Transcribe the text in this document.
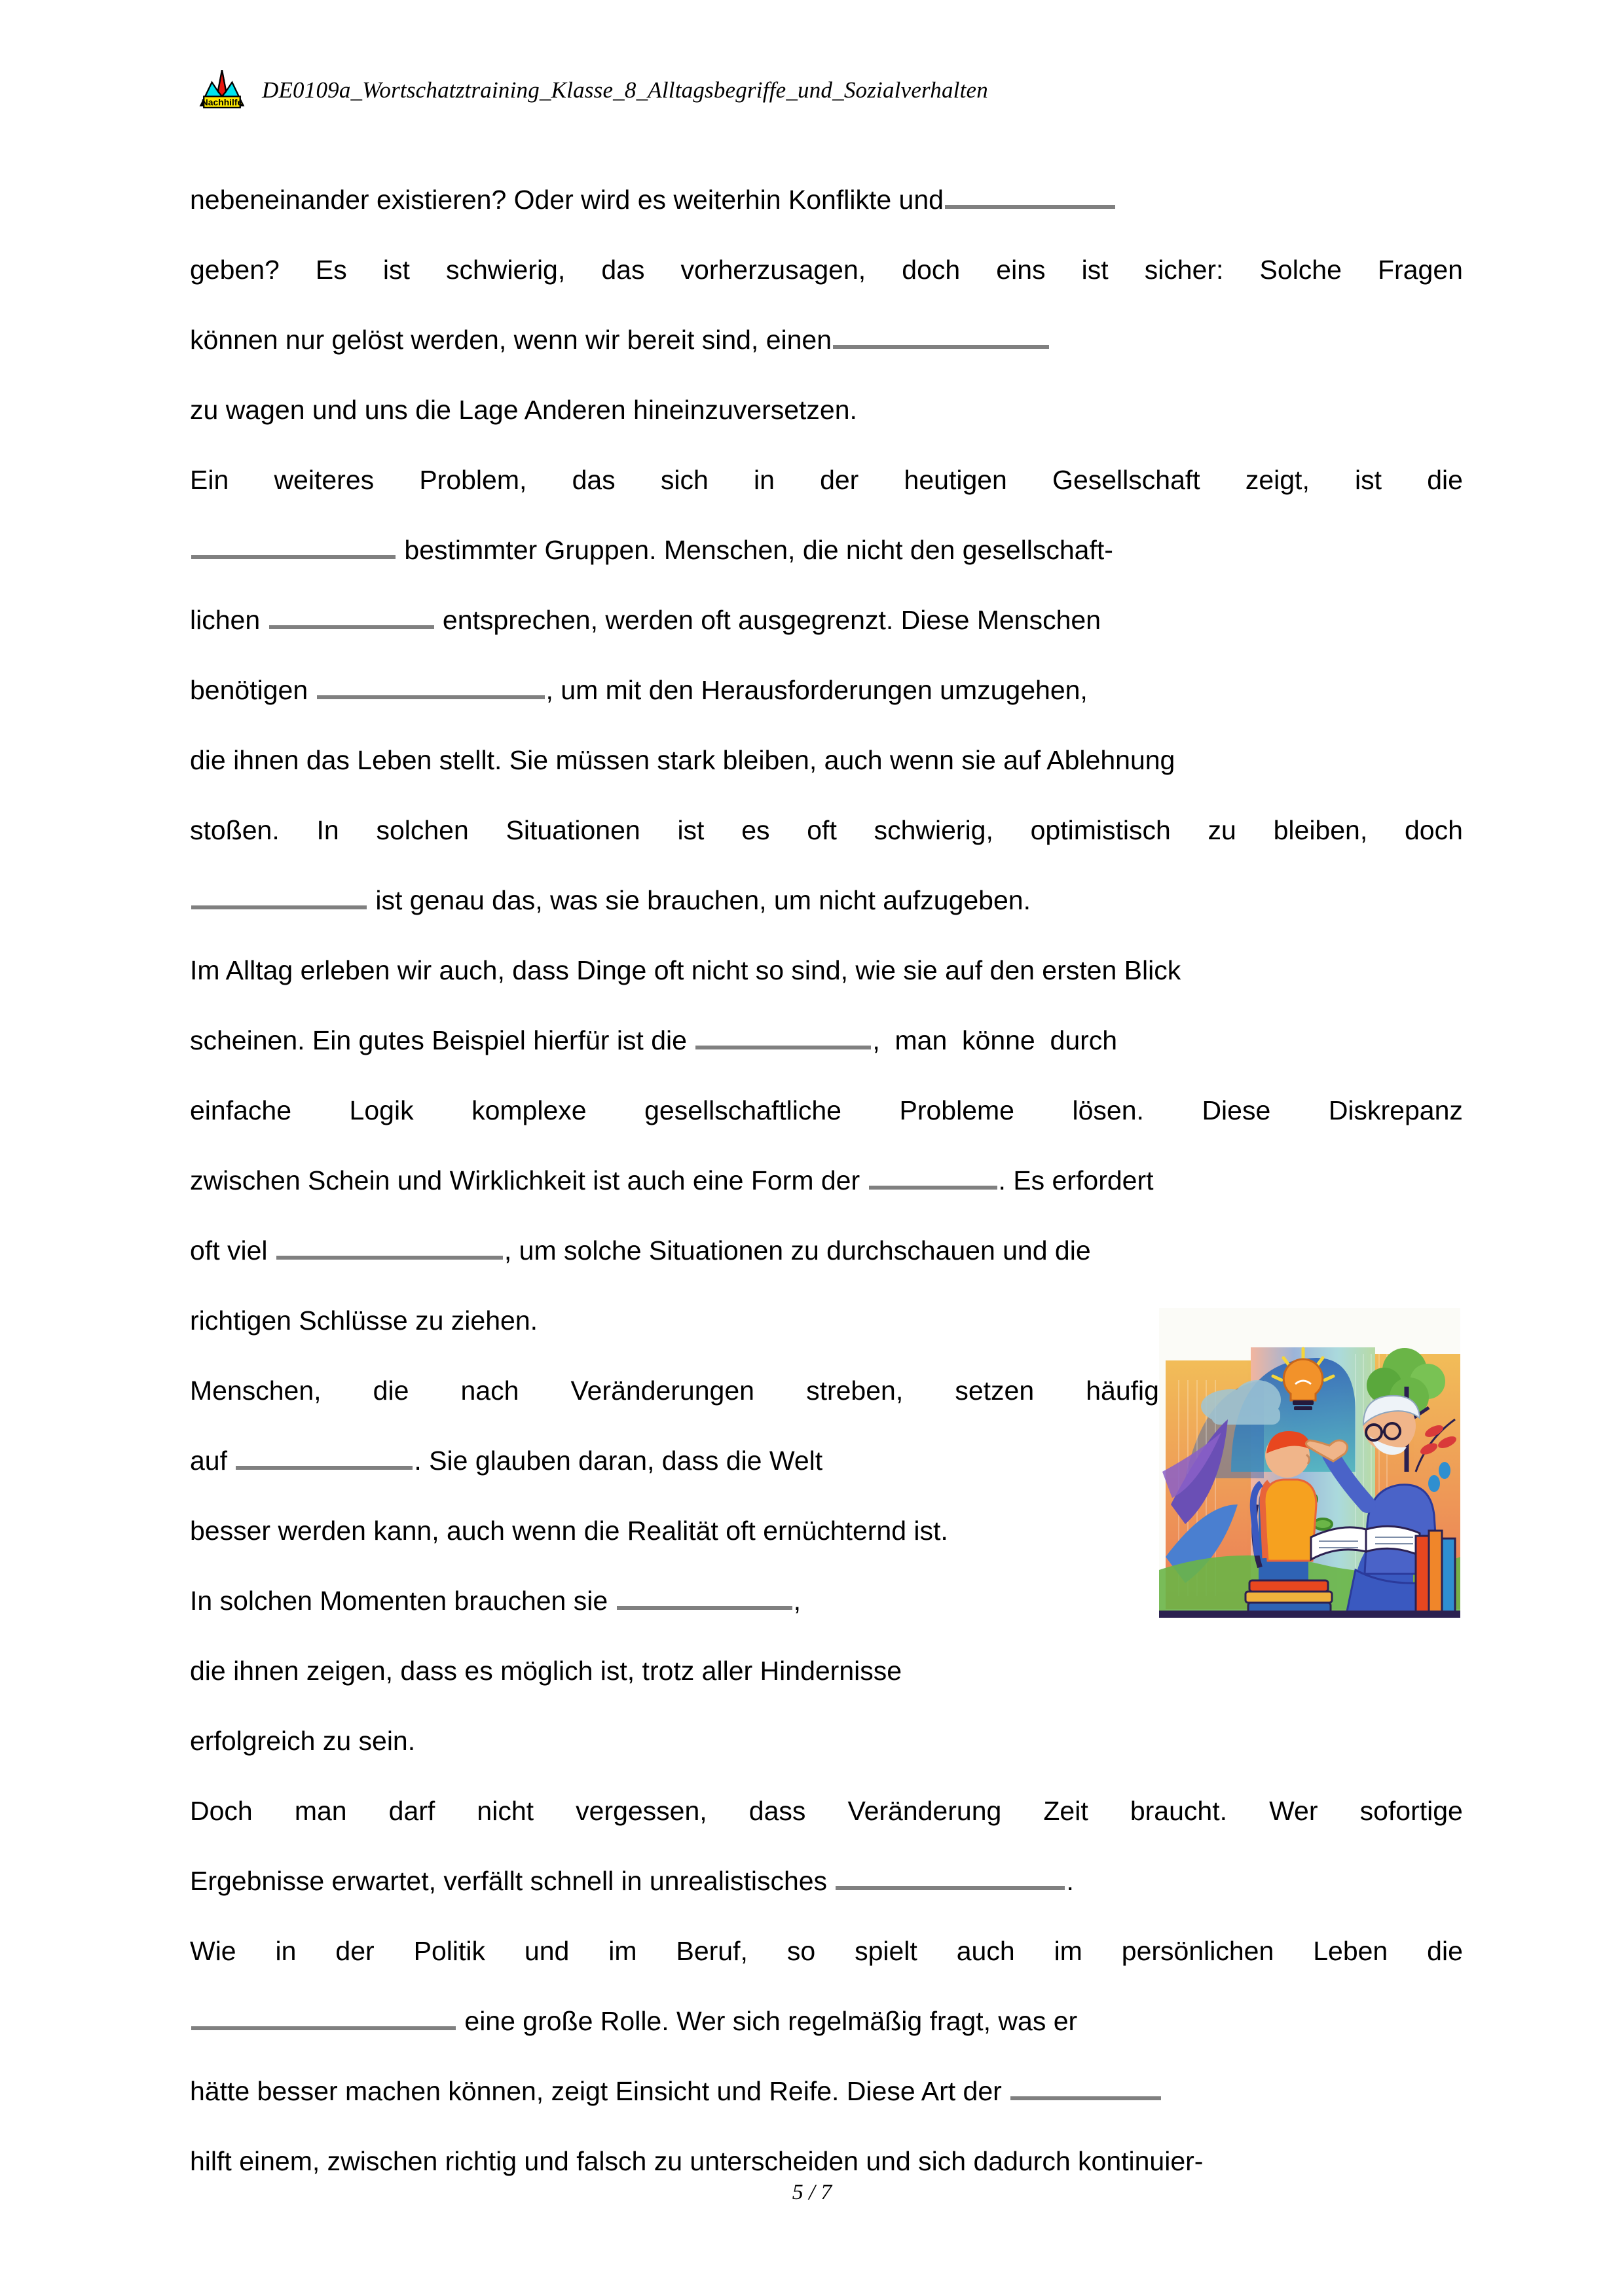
Nachhilfe DE0109a_Wortschatztraining_Klasse_8_Alltagsbegriffe_und_Sozialverhalten
nebeneinander existieren? Oder wird es weiterhin Konflikte und
geben? Es ist schwierig, das vorherzusagen, doch eins ist sicher: Solche Fragen
können nur gelöst werden, wenn wir bereit sind, einen
zu wagen und uns die Lage Anderen hineinzuversetzen.
Ein weiteres Problem, das sich in der heutigen Gesellschaft zeigt, ist die
bestimmter Gruppen. Menschen, die nicht den gesellschaft-
lichen	entsprechen, werden oft ausgegrenzt. Diese Menschen
benötigen	, um mit den Herausforderungen umzugehen,
die ihnen das Leben stellt. Sie müssen stark bleiben, auch wenn sie auf Ablehnung
stoßen. In solchen Situationen ist es oft schwierig, optimistisch zu bleiben, doch
ist genau das, was sie brauchen, um nicht aufzugeben.
Im Alltag erleben wir auch, dass Dinge oft nicht so sind, wie sie auf den ersten Blick
scheinen. Ein gutes Beispiel hierfür ist die	,  man  könne  durch
einfache Logik komplexe gesellschaftliche Probleme lösen. Diese Diskrepanz
zwischen Schein und Wirklichkeit ist auch eine Form der	. Es erfordert
oft viel	, um solche Situationen zu durchschauen und die
richtigen Schlüsse zu ziehen.
Menschen, die nach Veränderungen streben, setzen häufig
auf	. Sie glauben daran, dass die Welt
besser werden kann, auch wenn die Realität oft ernüchternd ist.
In solchen Momenten brauchen sie	,
die ihnen zeigen, dass es möglich ist, trotz aller Hindernisse
erfolgreich zu sein.
Doch man darf nicht vergessen, dass Veränderung Zeit braucht. Wer sofortige
Ergebnisse erwartet, verfällt schnell in unrealistisches	.
Wie in der Politik und im Beruf, so spielt auch im persönlichen Leben die
eine große Rolle. Wer sich regelmäßig fragt, was er
hätte besser machen können, zeigt Einsicht und Reife. Diese Art der
hilft einem, zwischen richtig und falsch zu unterscheiden und sich dadurch kontinuier-
5 / 7
